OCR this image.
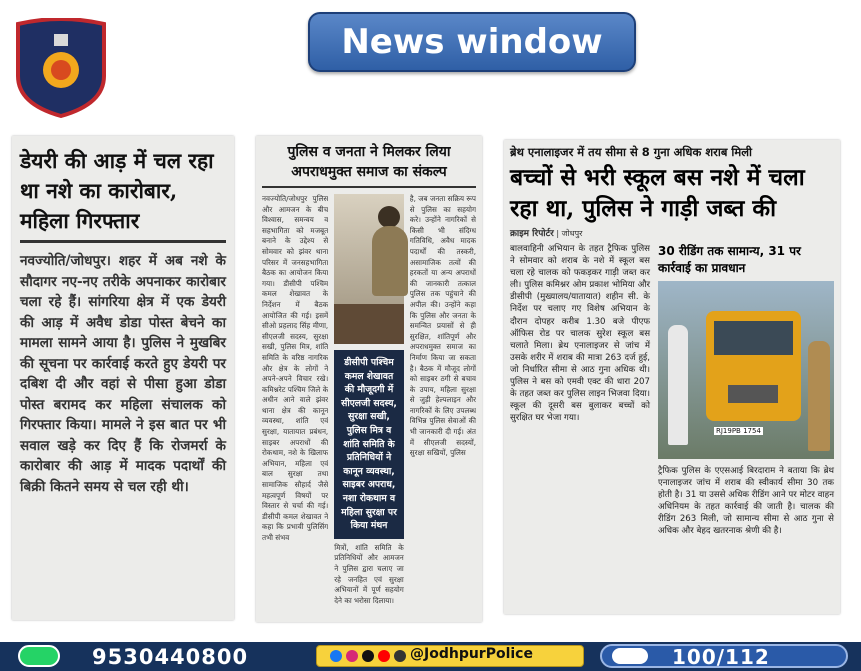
News window
डेयरी की आड़ में चल रहा था नशे का कारोबार, महिला गिरफ्तार
नवज्योति/जोधपुर। शहर में अब नशे के सौदागर नए-नए तरीके अपनाकर कारोबार चला रहे हैं। सांगरिया क्षेत्र में एक डेयरी की आड़ में अवैध डोडा पोस्त बेचने का मामला सामने आया है। पुलिस ने मुखबिर की सूचना पर कार्रवाई करते हुए डेयरी पर दबिश दी और वहां से पीसा हुआ डोडा पोस्त बरामद कर महिला संचालक को गिरफ्तार किया। मामले ने इस बात पर भी सवाल खड़े कर दिए हैं कि रोजमर्रा के कारोबार की आड़ में मादक पदार्थों की बिक्री कितने समय से चल रही थी।
पुलिस व जनता ने मिलकर लिया अपराधमुक्त समाज का संकल्प
नवज्योति/जोधपुर पुलिस और आमजन के बीच विश्वास, समन्वय व सहभागिता को मजबूत बनाने के उद्देश्य से सोमवार को झंवर थाना परिसर में जनसहभागिता बैठक का आयोजन किया गया। डीसीपी पश्चिम कमल शेखावत के निर्देशन में बैठक आयोजित की गई। इसमें सीओ प्रहलाद सिंह मीणा, सीएलजी सदस्य, सुरक्षा सखी, पुलिस मित्र, शांति समिति के वरिष्ठ नागरिक और क्षेत्र के लोगों ने अपने-अपने विचार रखे। कमिश्नरेट पश्चिम जिले के अधीन आने वाले झंवर थाना क्षेत्र की कानून व्यवस्था, शांति एवं सुरक्षा, यातायात प्रबंधन, साइबर अपराधों की रोकथाम, नशे के खिलाफ अभियान, महिला एवं बाल सुरक्षा तथा सामाजिक सौहार्द जैसे महत्वपूर्ण विषयों पर विस्तार से चर्चा की गई। डीसीपी कमल शेखावत ने कहा कि प्रभावी पुलिसिंग तभी संभव
डीसीपी पश्चिम कमल शेखावत की मौजूदगी में सीएलजी सदस्य, सुरक्षा सखी, पुलिस मित्र व शांति समिति के प्रतिनिधियों ने कानून व्यवस्था, साइबर अपराध, नशा रोकथाम व महिला सुरक्षा पर किया मंथन
मित्रों, शांति समिति के प्रतिनिधियों और आमजन ने पुलिस द्वारा चलाए जा रहे जनहित एवं सुरक्षा अभियानों में पूर्ण सहयोग देने का भरोसा दिलाया।
है, जब जनता सक्रिय रूप से पुलिस का सहयोग करे। उन्होंने नागरिकों से किसी भी संदिग्ध गतिविधि, अवैध मादक पदार्थों की तस्करी, असामाजिक तत्वों की हरकतों या अन्य अपराधों की जानकारी तत्काल पुलिस तक पहुंचाने की अपील की। उन्होंने कहा कि पुलिस और जनता के समन्वित प्रयासों से ही सुरक्षित, शांतिपूर्ण और अपराधमुक्त समाज का निर्माण किया जा सकता है। बैठक में मौजूद लोगों को साइबर ठगी से बचाव के उपाय, महिला सुरक्षा से जुड़ी हेल्पलाइन और नागरिकों के लिए उपलब्ध विभिन्न पुलिस सेवाओं की भी जानकारी दी गई। अंत में सीएलजी सदस्यों, सुरक्षा सखियों, पुलिस
ब्रेथ एनालाइजर में तय सीमा से 8 गुना अधिक शराब मिली
बच्चों से भरी स्कूल बस नशे में चला रहा था, पुलिस ने गाड़ी जब्त की
क्राइम रिपोर्टर | जोधपुर
बालवाहिनी अभियान के तहत ट्रैफिक पुलिस ने सोमवार को शराब के नशे में स्कूल बस चला रहे चालक को फकड़कर गाड़ी जब्त कर ली। पुलिस कमिश्नर ओम प्रकाश भोमिया और डीसीपी (मुख्यालय/यातायात) शहीन सी. के निर्देश पर चलाए गए विशेष अभियान के दौरान दोपहर करीब 1.30 बजे पीएफ ऑफिस रोड पर चालक सुरेश स्कूल बस चलाते मिला। ब्रेथ एनालाइजर से जांच में उसके शरीर में शराब की मात्रा 263 दर्ज हुई, जो निर्धारित सीमा से आठ गुना अधिक थी। पुलिस ने बस को एमवी एक्ट की धारा 207 के तहत जब्त कर पुलिस लाइन भिजवा दिया। स्कूल की दूसरी बस बुलाकर बच्चों को सुरक्षित घर भेजा गया।
30 रीडिंग तक सामान्य, 31 पर कार्रवाई का प्रावधान
RJ19PB 1754
ट्रैफिक पुलिस के एएसआई बिरदाराम ने बताया कि ब्रेथ एनालाइजर जांच में शराब की स्वीकार्य सीमा 30 तक होती है। 31 या उससे अधिक रीडिंग आने पर मोटर वाहन अधिनियम के तहत कार्रवाई की जाती है। चालक की रीडिंग 263 मिली, जो सामान्य सीमा से आठ गुना से अधिक और बेहद खतरनाक श्रेणी की है।
9530440800	@JodhpurPolice	100/112
